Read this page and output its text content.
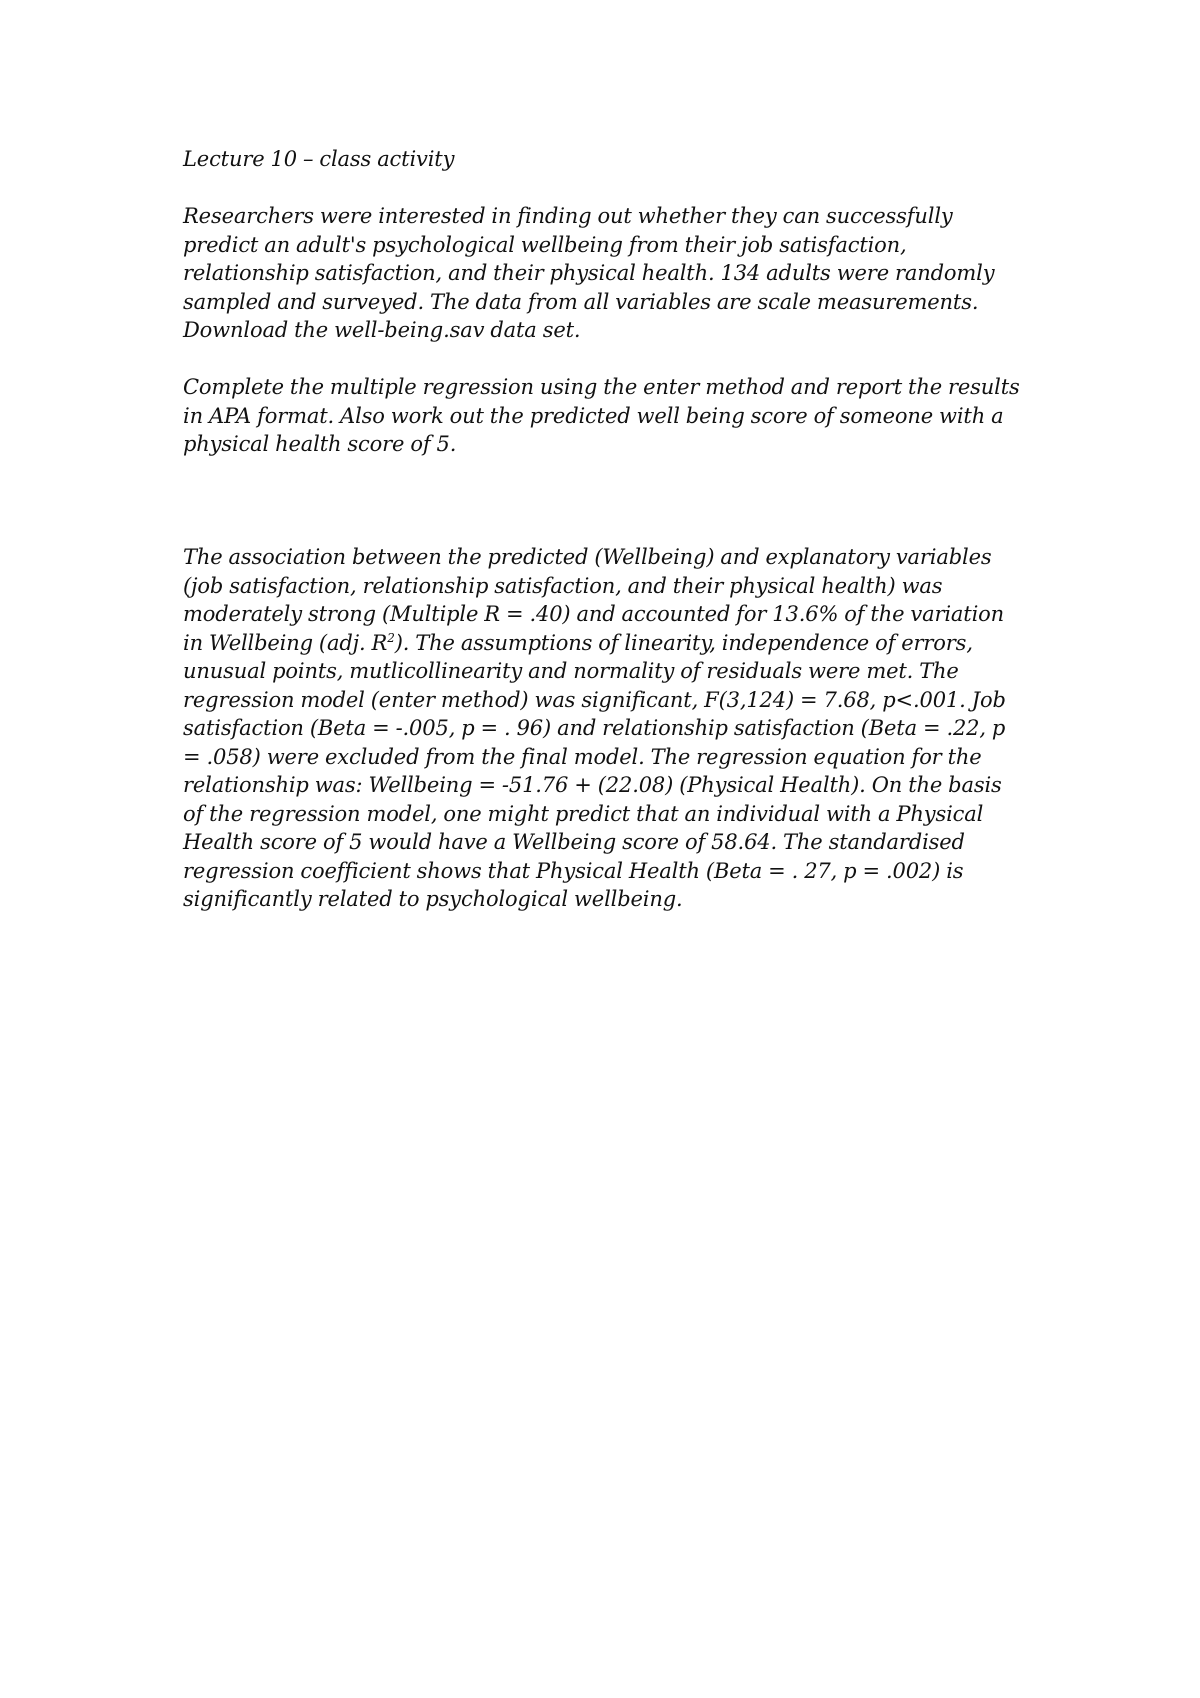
Lecture 10 – class activity

Researchers were interested in finding out whether they can successfully predict an adult's psychological wellbeing from their job satisfaction, relationship satisfaction, and their physical health. 134 adults were randomly sampled and surveyed. The data from all variables are scale measurements. Download the well-being.sav data set.

Complete the multiple regression using the enter method and report the results in APA format. Also work out the predicted well being score of someone with a physical health score of 5.

The association between the predicted (Wellbeing) and explanatory variables (job satisfaction, relationship satisfaction, and their physical health) was moderately strong (Multiple R = .40) and accounted for 13.6% of the variation in Wellbeing (adj. $R^2$). The assumptions of linearity, independence of errors, unusual points, mutlicollinearity and normality of residuals were met. The regression model (enter method) was significant, F(3,124) = 7.68, p<.001. Job satisfaction (Beta = -.005, p = . 96) and relationship satisfaction (Beta = .22, p = .058) were excluded from the final model. The regression equation for the relationship was: Wellbeing = -51.76 + (22.08) (Physical Health). On the basis of the regression model, one might predict that an individual with a Physical Health score of 5 would have a Wellbeing score of 58.64. The standardised regression coefficient shows that Physical Health (Beta = . 27, p = .002) is significantly related to psychological wellbeing.
